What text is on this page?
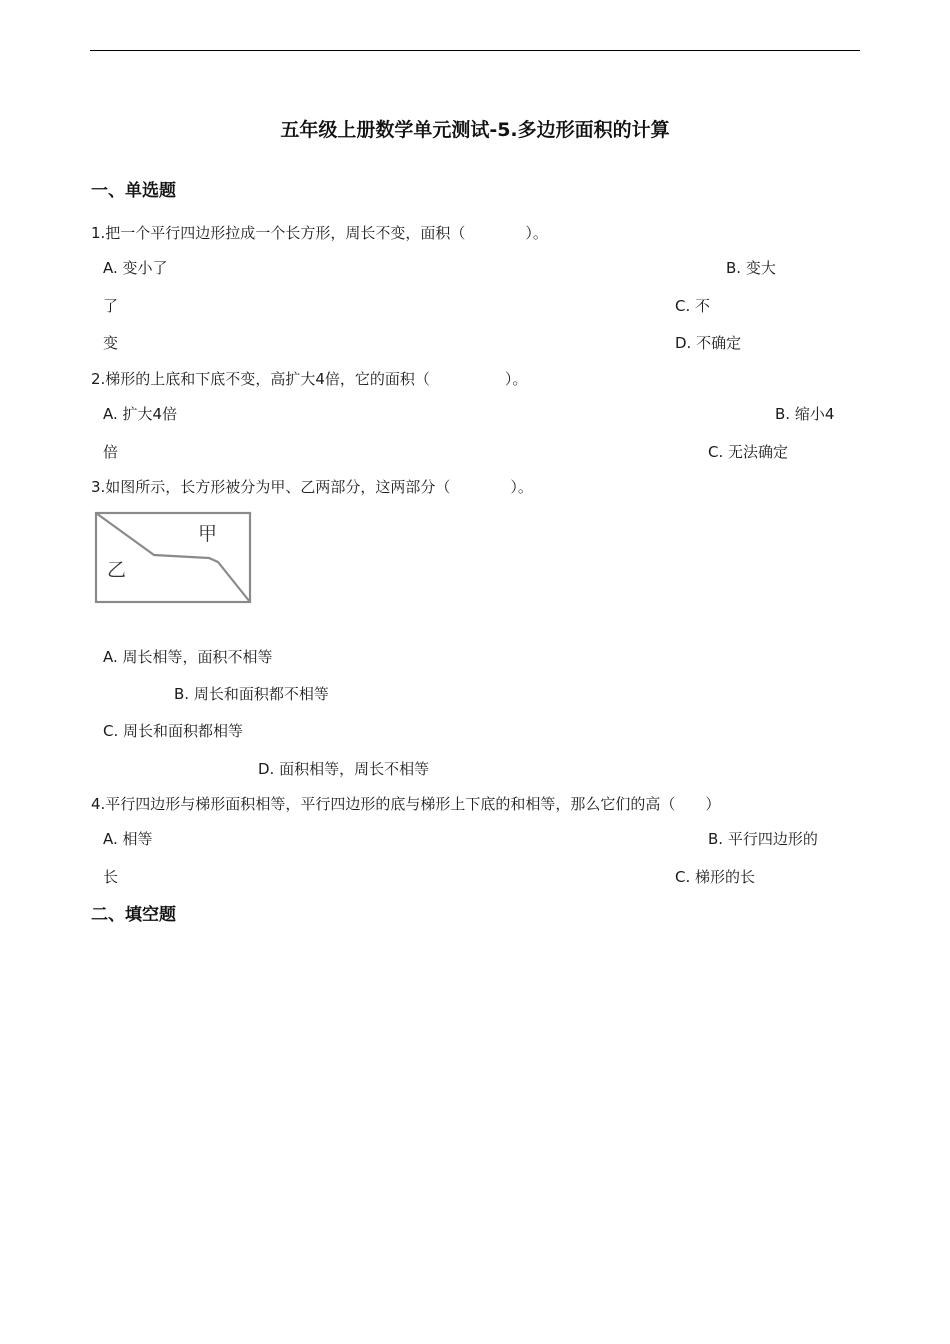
五年级上册数学单元测试-5.多边形面积的计算
一、单选题
1.把一个平行四边形拉成一个长方形，周长不变，面积（　　　　）。
A. 变小了	B. 变大
了	C. 不
变	D. 不确定
2.梯形的上底和下底不变，高扩大4倍，它的面积（　　　　　）。
A. 扩大4倍	B. 缩小4
倍	C. 无法确定
3.如图所示，长方形被分为甲、乙两部分，这两部分（　　　　）。
甲
乙
A. 周长相等，面积不相等
B. 周长和面积都不相等
C. 周长和面积都相等
D. 面积相等，周长不相等
4.平行四边形与梯形面积相等，平行四边形的底与梯形上下底的和相等，那么它们的高（　　）
A. 相等	B. 平行四边形的
长	C. 梯形的长
二、填空题
